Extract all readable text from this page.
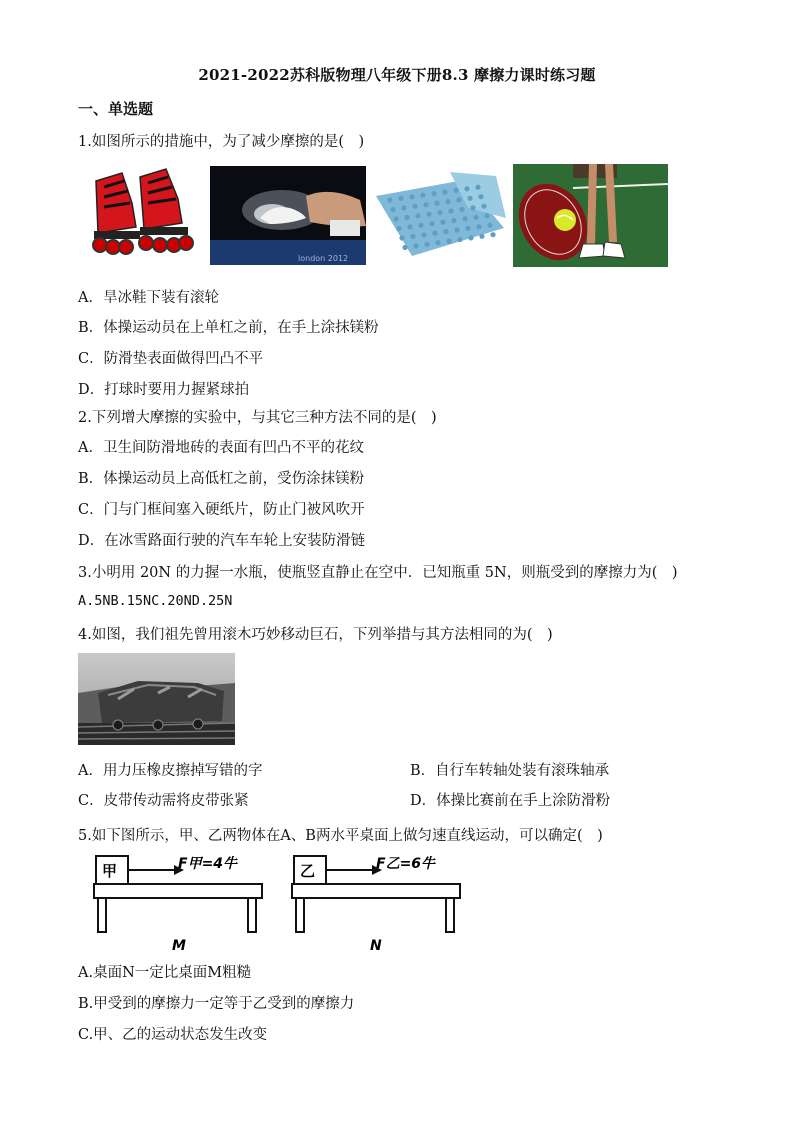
2021-2022苏科版物理八年级下册8.3 摩擦力课时练习题
一、单选题
1.如图所示的措施中，为了减少摩擦的是(　)
london 2012
A．旱冰鞋下装有滚轮
B．体操运动员在上单杠之前，在手上涂抹镁粉
C．防滑垫表面做得凹凸不平
D．打球时要用力握紧球拍
2.下列增大摩擦的实验中，与其它三种方法不同的是(　)
A．卫生间防滑地砖的表面有凹凸不平的花纹
B．体操运动员上高低杠之前，受伤涂抹镁粉
C．门与门框间塞入硬纸片，防止门被风吹开
D．在冰雪路面行驶的汽车车轮上安装防滑链
3.小明用 20N 的力握一水瓶，使瓶竖直静止在空中．已知瓶重 5N，则瓶受到的摩擦力为(　)
A.5NB.15NC.20ND.25N
4.如图，我们祖先曾用滚木巧妙移动巨石，下列举措与其方法相同的为(　)
A．用力压橡皮擦掉写错的字	B．自行车转轴处装有滚珠轴承
C．皮带传动需将皮带张紧	D．体操比赛前在手上涂防滑粉
5.如下图所示，甲、乙两物体在A、B两水平桌面上做匀速直线运动，可以确定(　)
甲	F甲=4牛
M
乙	F乙=6牛
N
A.桌面N一定比桌面M粗糙
B.甲受到的摩擦力一定等于乙受到的摩擦力
C.甲、乙的运动状态发生改变
